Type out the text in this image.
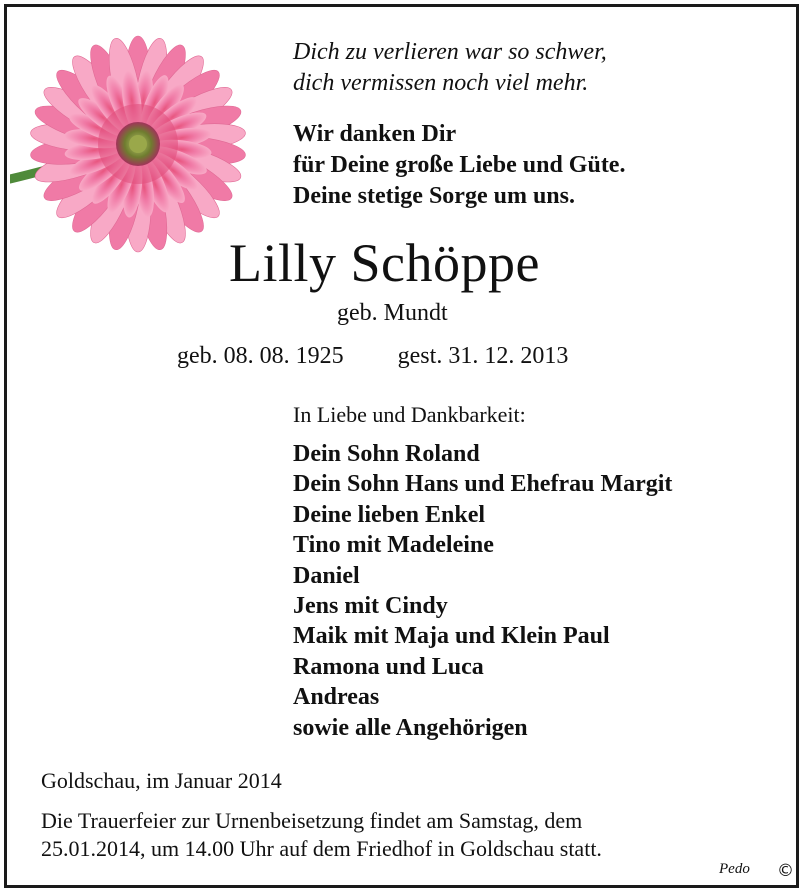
Dich zu verlieren war so schwer,
dich vermissen noch viel mehr.
Wir danken Dir
für Deine große Liebe und Güte.
Deine stetige Sorge um uns.
Lilly Schöppe
geb. Mundt
geb. 08. 08. 1925 gest. 31. 12. 2013
In Liebe und Dankbarkeit:
Dein Sohn Roland
Dein Sohn Hans und Ehefrau Margit
Deine lieben Enkel
Tino mit Madeleine
Daniel
Jens mit Cindy
Maik mit Maja und Klein Paul
Ramona und Luca
Andreas
sowie alle Angehörigen
Goldschau, im Januar 2014
Die Trauerfeier zur Urnenbeisetzung findet am Samstag, dem
25.01.2014, um 14.00 Uhr auf dem Friedhof in Goldschau statt.
Pedo ©
